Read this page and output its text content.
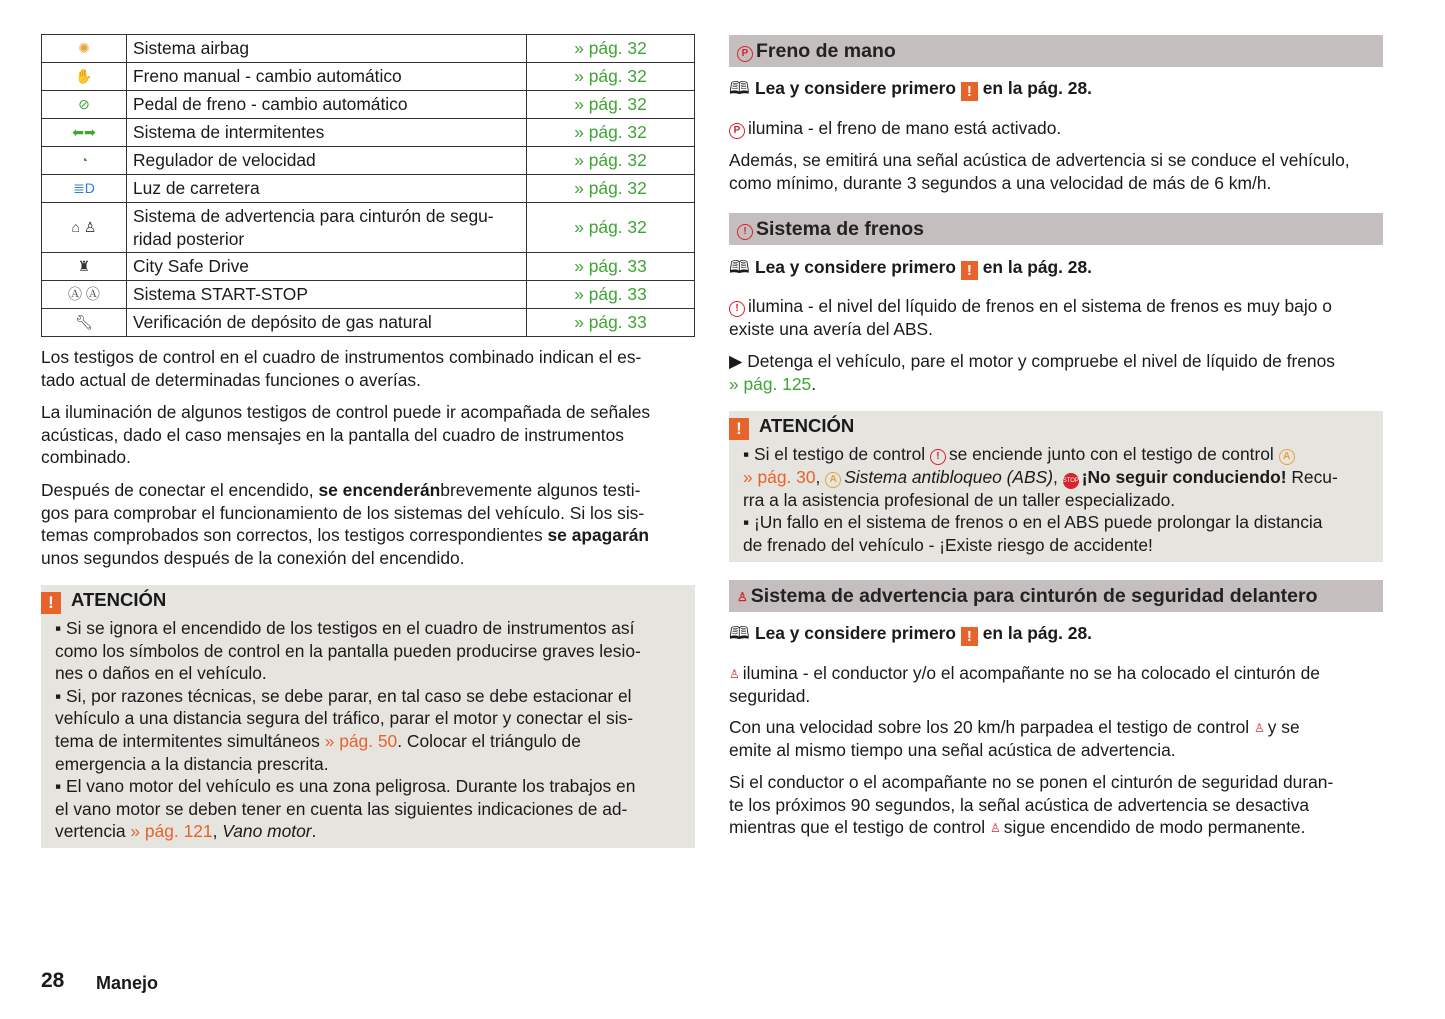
✺	Sistema airbag	» pág. 32
✋	Freno manual - cambio automático	» pág. 32
⊘	Pedal de freno - cambio automático	» pág. 32
⬅➡	Sistema de intermitentes	» pág. 32
◔	Regulador de velocidad	» pág. 32
≣D	Luz de carretera	» pág. 32
⌂ ♙	Sistema de advertencia para cinturón de segu-
ridad posterior	» pág. 32
♜	City Safe Drive	» pág. 33
Ⓐ Ⓐ	Sistema START-STOP	» pág. 33
🔧︎	Verificación de depósito de gas natural	» pág. 33
Los testigos de control en el cuadro de instrumentos combinado indican el es-
tado actual de determinadas funciones o averías.
La iluminación de algunos testigos de control puede ir acompañada de señales
acústicas, dado el caso mensajes en la pantalla del cuadro de instrumentos
combinado.
Después de conectar el encendido, se encenderánbrevemente algunos testi-
gos para comprobar el funcionamiento de los sistemas del vehículo. Si los sis-
temas comprobados son correctos, los testigos correspondientes se apagarán
unos segundos después de la conexión del encendido.
! ATENCIÓN
▪ Si se ignora el encendido de los testigos en el cuadro de instrumentos así
como los símbolos de control en la pantalla pueden producirse graves lesio-
nes o daños en el vehículo.
▪ Si, por razones técnicas, se debe parar, en tal caso se debe estacionar el
vehículo a una distancia segura del tráfico, parar el motor y conectar el sis-
tema de intermitentes simultáneos » pág. 50. Colocar el triángulo de
emergencia a la distancia prescrita.
▪ El vano motor del vehículo es una zona peligrosa. Durante los trabajos en
el vano motor se deben tener en cuenta las siguientes indicaciones de ad-
vertencia » pág. 121, Vano motor.
P Freno de mano
🕮︎ Lea y considere primero ! en la pág. 28.
P ilumina - el freno de mano está activado.
Además, se emitirá una señal acústica de advertencia si se conduce el vehículo,
como mínimo, durante 3 segundos a una velocidad de más de 6 km/h.
! Sistema de frenos
🕮︎ Lea y considere primero ! en la pág. 28.
! ilumina - el nivel del líquido de frenos en el sistema de frenos es muy bajo o
existe una avería del ABS.
▶ Detenga el vehículo, pare el motor y compruebe el nivel de líquido de frenos
» pág. 125.
! ATENCIÓN
▪ Si el testigo de control ! se enciende junto con el testigo de control A
» pág. 30, A Sistema antibloqueo (ABS), STOP ¡No seguir conduciendo! Recu-
rra a la asistencia profesional de un taller especializado.
▪ ¡Un fallo en el sistema de frenos o en el ABS puede prolongar la distancia
de frenado del vehículo - ¡Existe riesgo de accidente!
♙ Sistema de advertencia para cinturón de seguridad delantero
🕮︎ Lea y considere primero ! en la pág. 28.
♙ ilumina - el conductor y/o el acompañante no se ha colocado el cinturón de
seguridad.
Con una velocidad sobre los 20 km/h parpadea el testigo de control ♙ y se
emite al mismo tiempo una señal acústica de advertencia.
Si el conductor o el acompañante no se ponen el cinturón de seguridad duran-
te los próximos 90 segundos, la señal acústica de advertencia se desactiva
mientras que el testigo de control ♙ sigue encendido de modo permanente.
28 Manejo
